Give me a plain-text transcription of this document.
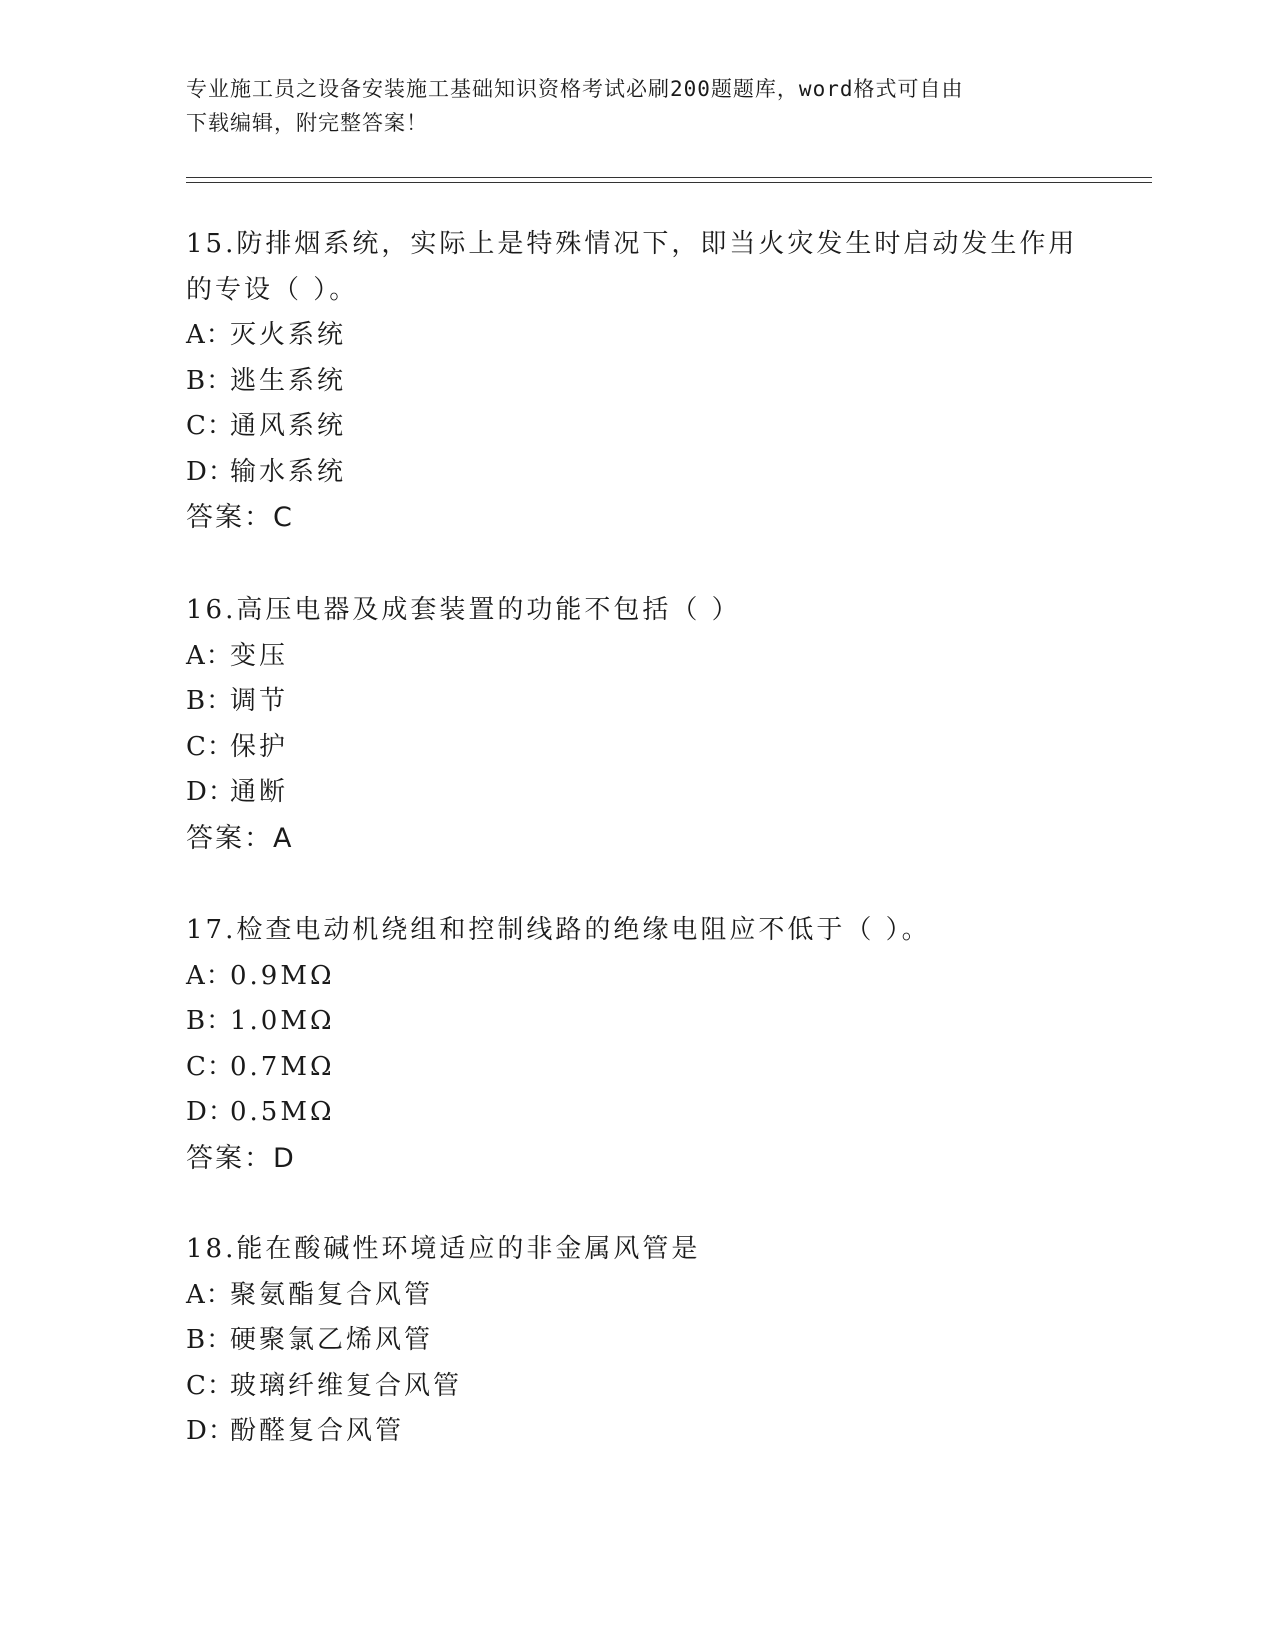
专业施工员之设备安装施工基础知识资格考试必刷200题题库，word格式可自由
下载编辑，附完整答案！
15.防排烟系统，实际上是特殊情况下，即当火灾发生时启动发生作用
的专设（ ）。
A：灭火系统
B：逃生系统
C：通风系统
D：输水系统
答案：C
16.高压电器及成套装置的功能不包括（ ）
A：变压
B：调节
C：保护
D：通断
答案：A
17.检查电动机绕组和控制线路的绝缘电阻应不低于（ ）。
A：0.9MΩ
B：1.0MΩ
C：0.7MΩ
D：0.5MΩ
答案：D
18.能在酸碱性环境适应的非金属风管是
A：聚氨酯复合风管
B：硬聚氯乙烯风管
C：玻璃纤维复合风管
D：酚醛复合风管
